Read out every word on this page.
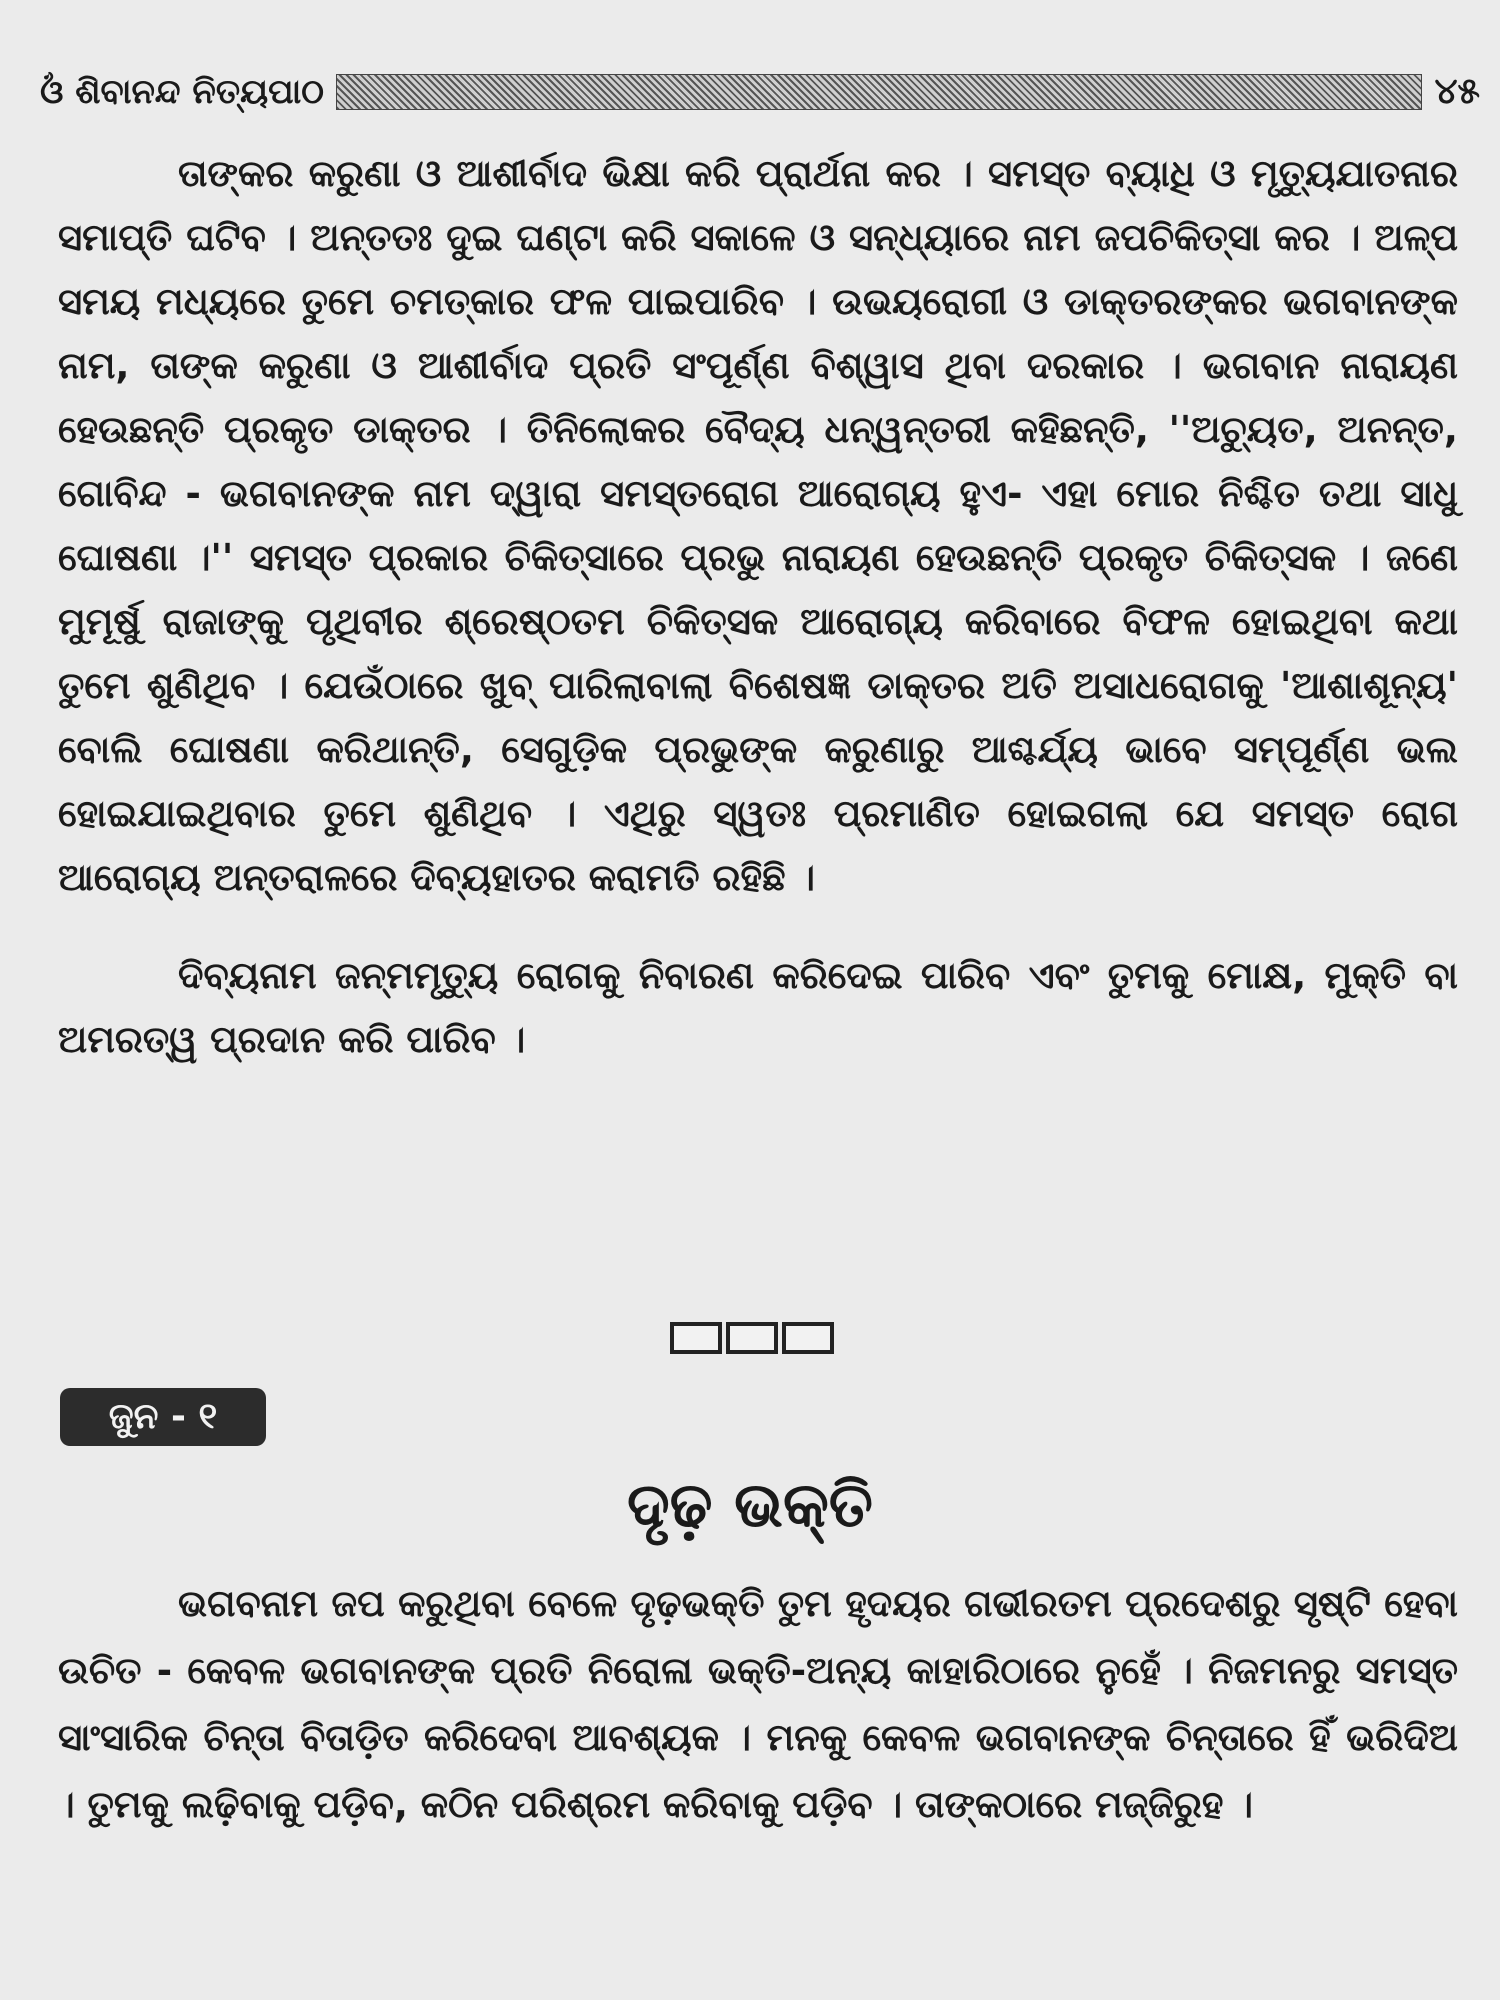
ଓଁ ଶିବାନନ୍ଦ ନିତ୍ୟପାଠ	୪୫

ତାଙ୍କର କରୁଣା ଓ ଆଶୀର୍ବାଦ ଭିକ୍ଷା କରି ପ୍ରାର୍ଥନା କର । ସମସ୍ତ ବ୍ୟାଧି ଓ ମୃତ୍ୟୁଯାତନାର ସମାପ୍ତି ଘଟିବ । ଅନ୍ତତଃ ଦୁଇ ଘଣ୍ଟା କରି ସକାଳେ ଓ ସନ୍ଧ୍ୟାରେ ନାମ ଜପଚିକିତ୍ସା କର । ଅଳ୍ପ ସମୟ ମଧ୍ୟରେ ତୁମେ ଚମତ୍କାର ଫଳ ପାଇପାରିବ । ଉଭୟରୋଗୀ ଓ ଡାକ୍ତରଙ୍କର ଭଗବାନଙ୍କ ନାମ, ତାଙ୍କ କରୁଣା ଓ ଆଶୀର୍ବାଦ ପ୍ରତି ସଂପୂର୍ଣ୍ଣ ବିଶ୍ୱାସ ଥିବା ଦରକାର । ଭଗବାନ ନାରାୟଣ ହେଉଛନ୍ତି ପ୍ରକୃତ ଡାକ୍ତର । ତିନିଲୋକର ବୈଦ୍ୟ ଧନ୍ୱନ୍ତରୀ କହିଛନ୍ତି, ''ଅଚ୍ୟୁତ, ଅନନ୍ତ, ଗୋବିନ୍ଦ - ଭଗବାନଙ୍କ ନାମ ଦ୍ୱାରା ସମସ୍ତରୋଗ ଆରୋଗ୍ୟ ହୁଏ- ଏହା ମୋର ନିଶ୍ଚିତ ତଥା ସାଧୁ ଘୋଷଣା ।'' ସମସ୍ତ ପ୍ରକାର ଚିକିତ୍ସାରେ ପ୍ରଭୁ ନାରାୟଣ ହେଉଛନ୍ତି ପ୍ରକୃତ ଚିକିତ୍ସକ । ଜଣେ ମୁମୂର୍ଷୁ ରାଜାଙ୍କୁ ପୃଥିବୀର ଶ୍ରେଷ୍ଠତମ ଚିକିତ୍ସକ ଆରୋଗ୍ୟ କରିବାରେ ବିଫଳ ହୋଇଥିବା କଥା ତୁମେ ଶୁଣିଥିବ । ଯେଉଁଠାରେ ଖୁବ୍ ପାରିଲାବାଲା ବିଶେଷଜ୍ଞ ଡାକ୍ତର ଅତି ଅସାଧରୋଗକୁ 'ଆଶାଶୂନ୍ୟ' ବୋଲି ଘୋଷଣା କରିଥାନ୍ତି, ସେଗୁଡ଼ିକ ପ୍ରଭୁଙ୍କ କରୁଣାରୁ ଆଶ୍ଚର୍ଯ୍ୟ ଭାବେ ସମ୍ପୂର୍ଣ୍ଣ ଭଲ ହୋଇଯାଇଥିବାର ତୁମେ ଶୁଣିଥିବ । ଏଥିରୁ ସ୍ୱତଃ ପ୍ରମାଣିତ ହୋଇଗଲା ଯେ ସମସ୍ତ ରୋଗ ଆରୋଗ୍ୟ ଅନ୍ତରାଳରେ ଦିବ୍ୟହାତର କରାମତି ରହିଛି ।

ଦିବ୍ୟନାମ ଜନ୍ମମୃତ୍ୟୁ ରୋଗକୁ ନିବାରଣ କରିଦେଇ ପାରିବ ଏବଂ ତୁମକୁ ମୋକ୍ଷ, ମୁକ୍ତି ବା ଅମରତ୍ୱ ପ୍ରଦାନ କରି ପାରିବ ।

ଜୁନ - ୧
ଦୃଢ଼ ଭକ୍ତି

ଭଗବନାମ ଜପ କରୁଥିବା ବେଳେ ଦୃଢ଼ଭକ୍ତି ତୁମ ହୃଦୟର ଗଭୀରତମ ପ୍ରଦେଶରୁ ସୃଷ୍ଟି ହେବା ଉଚିତ - କେବଳ ଭଗବାନଙ୍କ ପ୍ରତି ନିରୋଳା ଭକ୍ତି-ଅନ୍ୟ କାହାରିଠାରେ ନୁହେଁ । ନିଜମନରୁ ସମସ୍ତ ସାଂସାରିକ ଚିନ୍ତା ବିତାଡ଼ିତ କରିଦେବା ଆବଶ୍ୟକ । ମନକୁ କେବଳ ଭଗବାନଙ୍କ ଚିନ୍ତାରେ ହିଁ ଭରିଦିଅ । ତୁମକୁ ଲଢ଼ିବାକୁ ପଡ଼ିବ, କଠିନ ପରିଶ୍ରମ କରିବାକୁ ପଡ଼ିବ । ତାଙ୍କଠାରେ ମଜ୍ଜିରୁହ ।
